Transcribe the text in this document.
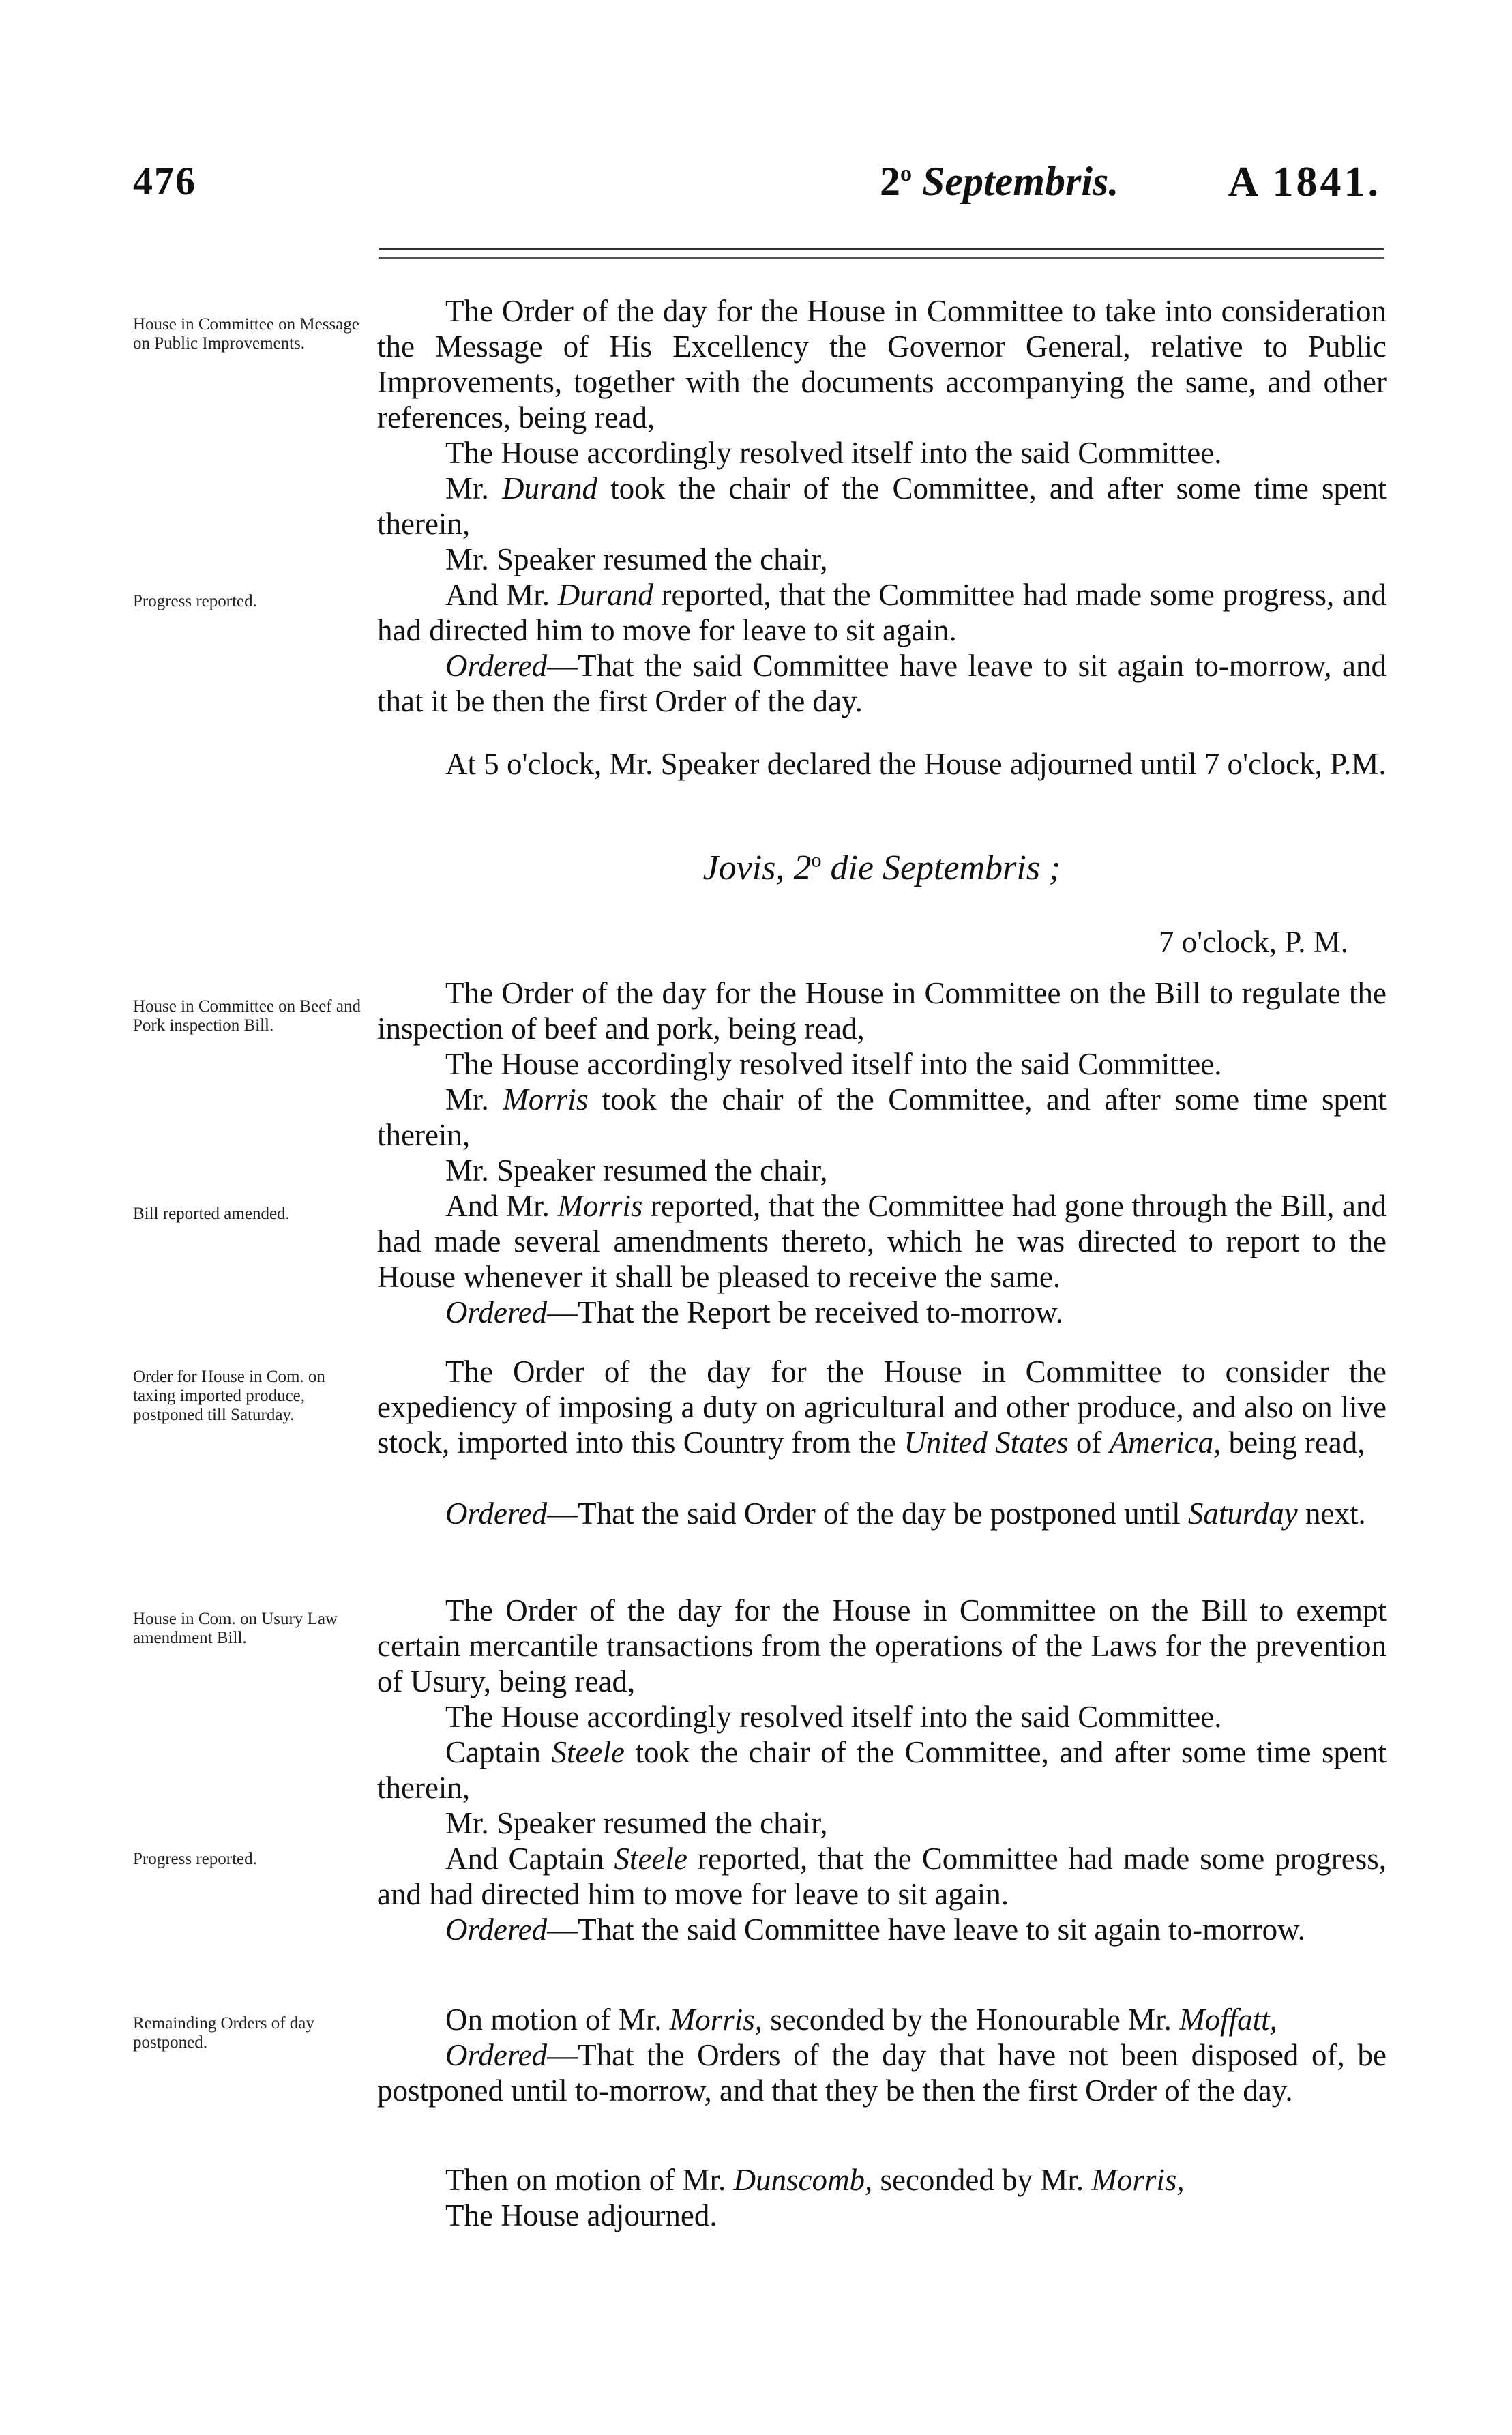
476	2$^o$ Septembris.	A 1841.
House in Committee on Message on Public Improvements.
Progress reported.
House in Committee on Beef and Pork inspection Bill.
Bill reported amended.
Order for House in Com. on taxing imported produce, postponed till Saturday.
House in Com. on Usury Law amendment Bill.
Progress reported.
Remainding Orders of day postponed.
The Order of the day for the House in Committee to take into consideration the Message of His Excellency the Governor General, relative to Public Improvements, together with the documents accompanying the same, and other references, being read,
The House accordingly resolved itself into the said Committee.
Mr. Durand took the chair of the Committee, and after some time spent therein,
Mr. Speaker resumed the chair,
And Mr. Durand reported, that the Committee had made some progress, and had directed him to move for leave to sit again.
Ordered—That the said Committee have leave to sit again to-morrow, and that it be then the first Order of the day.
At 5 o'clock, Mr. Speaker declared the House adjourned until 7 o'clock, P.M.
Jovis, 2$^o$ die Septembris ;
7 o'clock, P. M.
The Order of the day for the House in Committee on the Bill to regulate the inspection of beef and pork, being read,
The House accordingly resolved itself into the said Committee.
Mr. Morris took the chair of the Committee, and after some time spent therein,
Mr. Speaker resumed the chair,
And Mr. Morris reported, that the Committee had gone through the Bill, and had made several amendments thereto, which he was directed to report to the House whenever it shall be pleased to receive the same.
Ordered—That the Report be received to-morrow.
The Order of the day for the House in Committee to consider the expediency of imposing a duty on agricultural and other produce, and also on live stock, imported into this Country from the United States of America, being read,
Ordered—That the said Order of the day be postponed until Saturday next.
The Order of the day for the House in Committee on the Bill to exempt certain mercantile transactions from the operations of the Laws for the prevention of Usury, being read,
The House accordingly resolved itself into the said Committee.
Captain Steele took the chair of the Committee, and after some time spent therein,
Mr. Speaker resumed the chair,
And Captain Steele reported, that the Committee had made some progress, and had directed him to move for leave to sit again.
Ordered—That the said Committee have leave to sit again to-morrow.
On motion of Mr. Morris, seconded by the Honourable Mr. Moffatt,
Ordered—That the Orders of the day that have not been disposed of, be postponed until to-morrow, and that they be then the first Order of the day.
Then on motion of Mr. Dunscomb, seconded by Mr. Morris,
The House adjourned.
